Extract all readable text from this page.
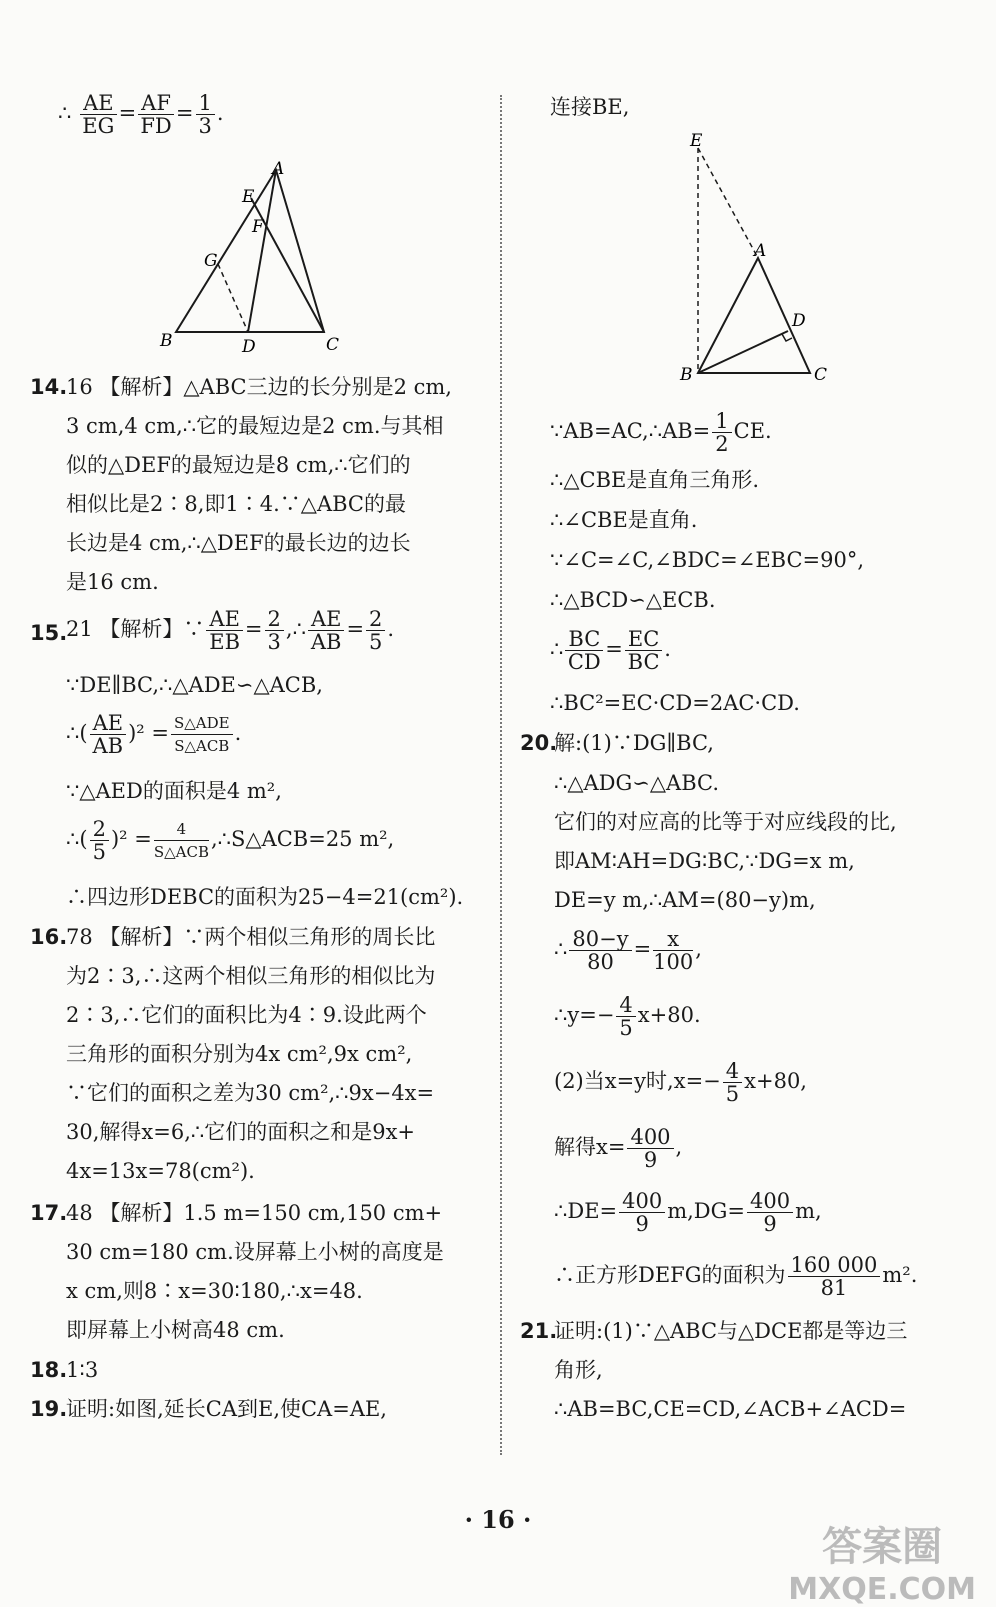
∴ $\frac{AE}{EG} = \frac{AF}{FD} = \frac{1}{3}$ .
A
E
F
G
B	D	C
14.
16 【解析】△ABC三边的长分别是2 cm,
3 cm,4 cm,∴它的最短边是2 cm.与其相
似的△DEF的最短边是8 cm,∴它们的
相似比是2∶8,即1∶4.∵△ABC的最
长边是4 cm,∴△DEF的最长边的边长
是16 cm.
15.
21 【解析】∵ $\frac{AE}{EB} = \frac{2}{3}$ ,∴ $\frac{AE}{AB} = \frac{2}{5}$ .
∵DE∥BC,∴△ADE∽△ACB,
∴( $\frac{AE}{AB} )^2 = \frac{\text{S△ADE}}{\text{S△ACB}}$ .
∵△AED的面积是4 m²,
∴( $\frac{2}{5} )^2 = \frac{4}{\text{S△ACB}}$ ,∴S△ACB=25 m²,
∴四边形DEBC的面积为25−4=21(cm²).
16.
78 【解析】∵两个相似三角形的周长比
为2∶3,∴这两个相似三角形的相似比为
2∶3,∴它们的面积比为4∶9.设此两个
三角形的面积分别为4x cm²,9x cm²,
∵它们的面积之差为30 cm²,∴9x−4x=
30,解得x=6,∴它们的面积之和是9x+
4x=13x=78(cm²).
17.
48 【解析】1.5 m=150 cm,150 cm+
30 cm=180 cm.设屏幕上小树的高度是
x cm,则8∶x=30∶180,∴x=48.
即屏幕上小树高48 cm.
18.
1∶3
19.
证明:如图,延长CA到E,使CA=AE,
连接BE,
E
A
D
B	C
∵AB=AC,∴AB= $\frac{1}{2}$ CE.
∴△CBE是直角三角形.
∴∠CBE是直角.
∵∠C=∠C,∠BDC=∠EBC=90°,
∴△BCD∽△ECB.
∴ $\frac{BC}{CD} = \frac{EC}{BC}$ .
∴BC²=EC·CD=2AC·CD.
20.
解:(1)∵DG∥BC,
∴△ADG∽△ABC.
它们的对应高的比等于对应线段的比,
即AM∶AH=DG∶BC,∵DG=x m,
DE=y m,∴AM=(80−y)m,
∴ $\frac{80-y}{80} = \frac{x}{100}$ ,
∴y=− $\frac{4}{5} x+80$.
(2)当x=y时$,x=- \frac{4}{5} x+80$,
解得$x= \frac{400}{9}$ ,
∴DE= $\frac{400}{9} m,DG= \frac{400}{9} m$,
∴正方形DEFG的面积为 $\frac{160 000}{81} m^2$.
21.
证明:(1)∵△ABC与△DCE都是等边三
角形,
∴AB=BC,CE=CD,∠ACB+∠ACD=
· 16 ·
答案圈
MXQE.COM
